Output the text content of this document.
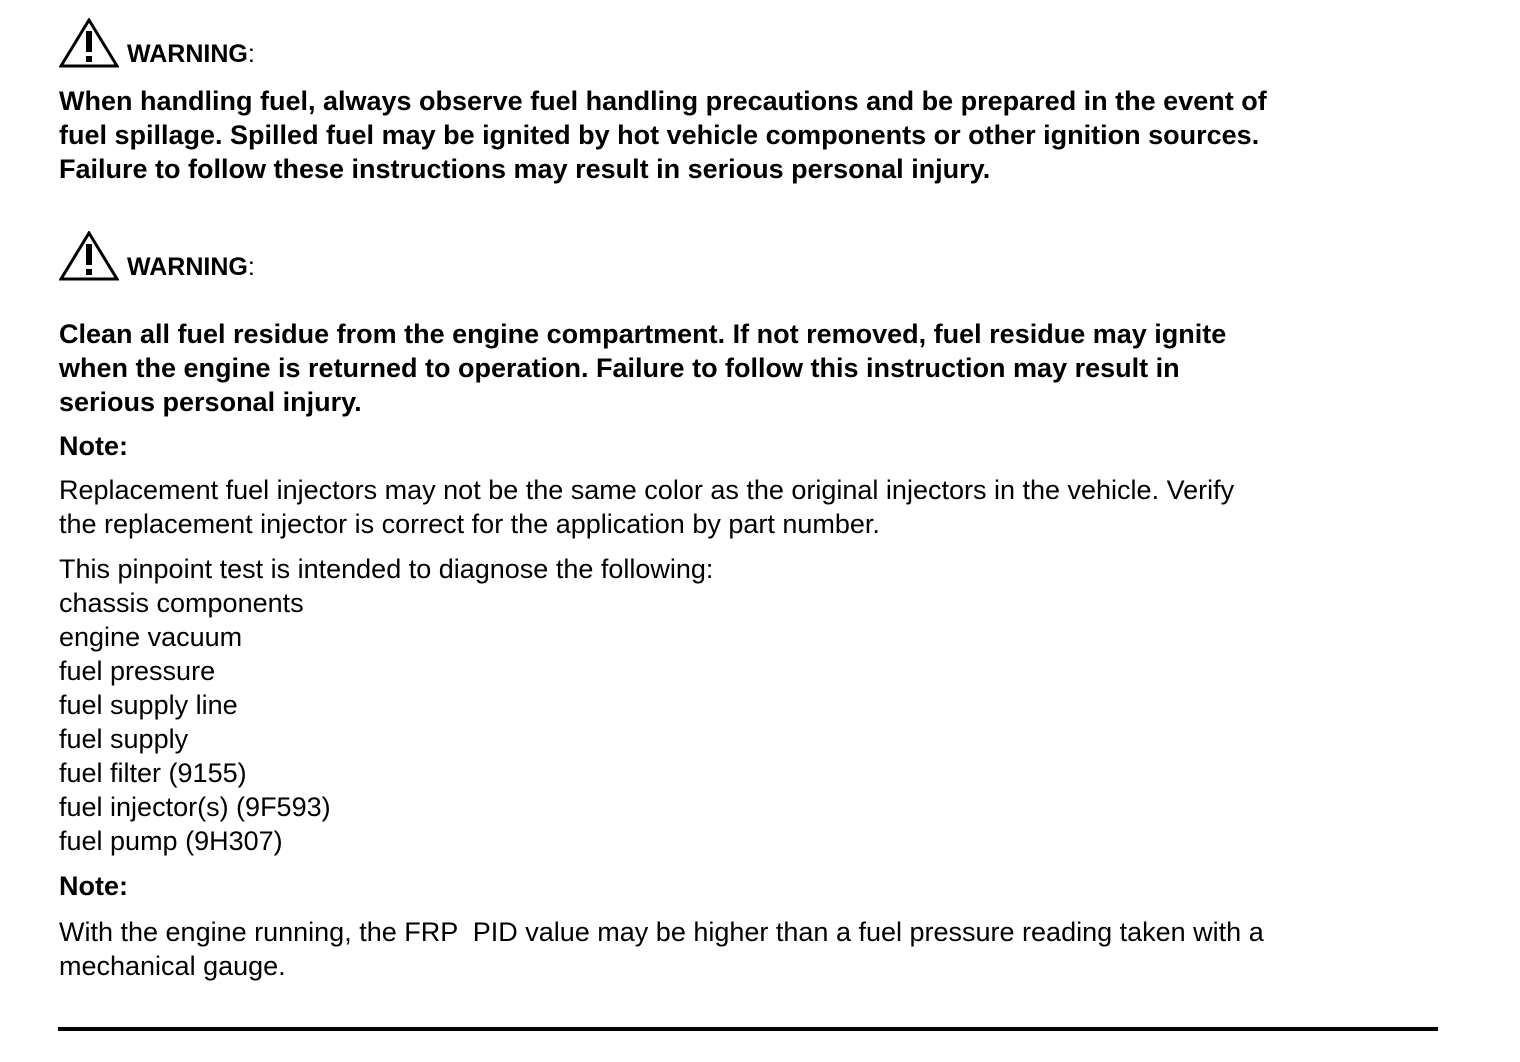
WARNING:
When handling fuel, always observe fuel handling precautions and be prepared in the event of
fuel spillage. Spilled fuel may be ignited by hot vehicle components or other ignition sources.
Failure to follow these instructions may result in serious personal injury.
WARNING:
Clean all fuel residue from the engine compartment. If not removed, fuel residue may ignite
when the engine is returned to operation. Failure to follow this instruction may result in
serious personal injury.
Note:
Replacement fuel injectors may not be the same color as the original injectors in the vehicle. Verify
the replacement injector is correct for the application by part number.
This pinpoint test is intended to diagnose the following:
chassis components
engine vacuum
fuel pressure
fuel supply line
fuel supply
fuel filter (9155)
fuel injector(s) (9F593)
fuel pump (9H307)
Note:
With the engine running, the FRP  PID value may be higher than a fuel pressure reading taken with a
mechanical gauge.
